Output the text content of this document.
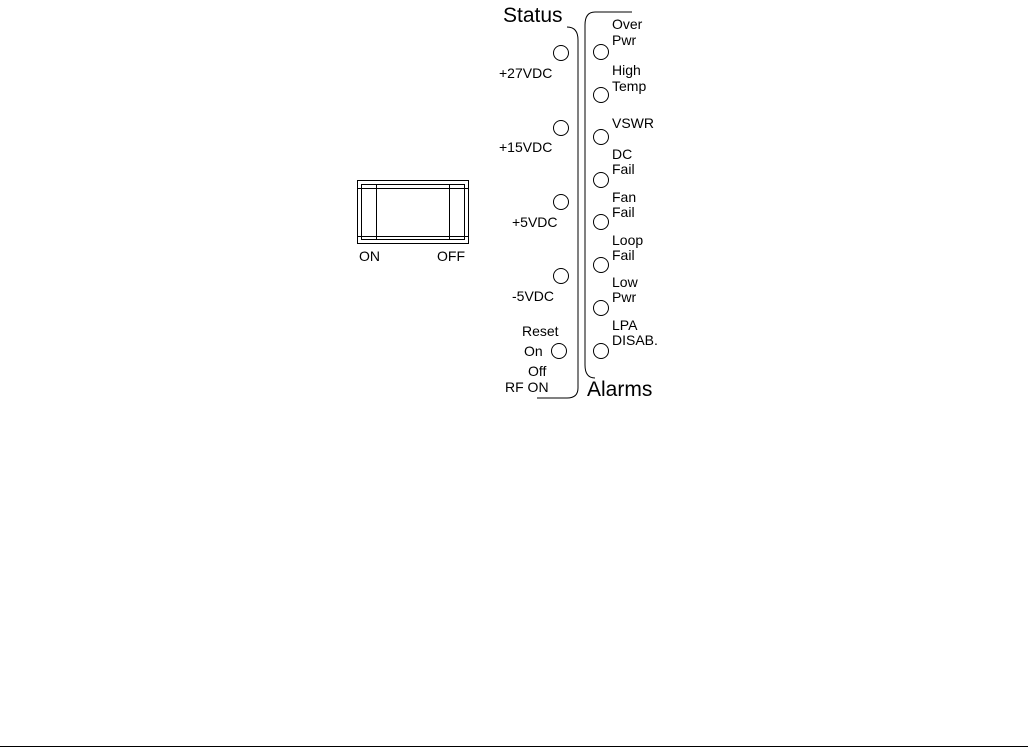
ON	OFF
Status
Alarms
+27VDC
+15VDC
+5VDC
-5VDC
Reset
On
Off
RF ON
Over
Pwr
High
Temp
VSWR
DC
Fail
Fan
Fail
Loop
Fail
Low
Pwr
LPA
DISAB.
